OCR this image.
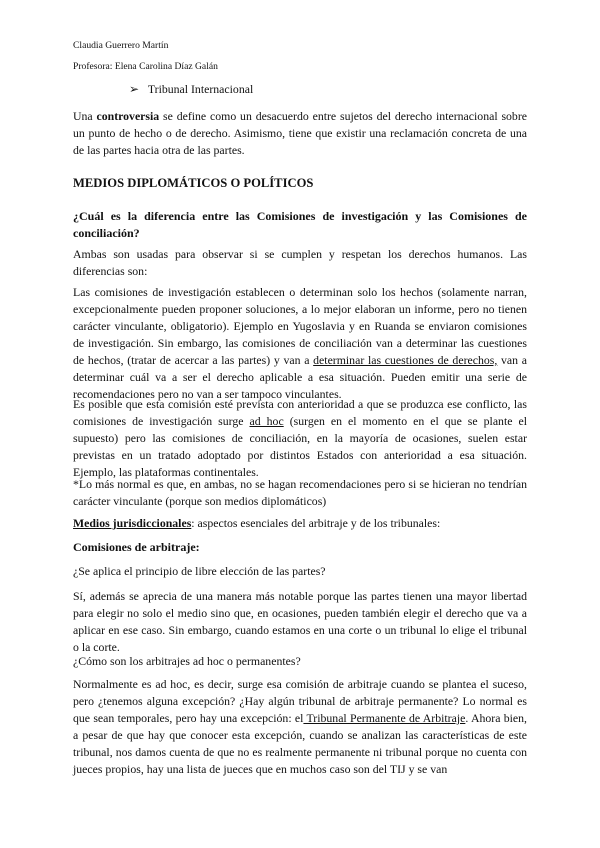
Claudia Guerrero Martín
Profesora: Elena Carolina Díaz Galán
➢ Tribunal Internacional
Una controversia se define como un desacuerdo entre sujetos del derecho internacional sobre un punto de hecho o de derecho. Asimismo, tiene que existir una reclamación concreta de una de las partes hacia otra de las partes.
MEDIOS DIPLOMÁTICOS O POLÍTICOS
¿Cuál es la diferencia entre las Comisiones de investigación y las Comisiones de conciliación?
Ambas son usadas para observar si se cumplen y respetan los derechos humanos. Las diferencias son:
Las comisiones de investigación establecen o determinan solo los hechos (solamente narran, excepcionalmente pueden proponer soluciones, a lo mejor elaboran un informe, pero no tienen carácter vinculante, obligatorio). Ejemplo en Yugoslavia y en Ruanda se enviaron comisiones de investigación. Sin embargo, las comisiones de conciliación van a determinar las cuestiones de hechos, (tratar de acercar a las partes) y van a determinar las cuestiones de derechos, van a determinar cuál va a ser el derecho aplicable a esa situación. Pueden emitir una serie de recomendaciones pero no van a ser tampoco vinculantes.
Es posible que esta comisión esté prevista con anterioridad a que se produzca ese conflicto, las comisiones de investigación surge ad hoc (surgen en el momento en el que se plante el supuesto) pero las comisiones de conciliación, en la mayoría de ocasiones, suelen estar previstas en un tratado adoptado por distintos Estados con anterioridad a esa situación. Ejemplo, las plataformas continentales.
*Lo más normal es que, en ambas, no se hagan recomendaciones pero si se hicieran no tendrían carácter vinculante (porque son medios diplomáticos)
Medios jurisdiccionales: aspectos esenciales del arbitraje y de los tribunales:
Comisiones de arbitraje:
¿Se aplica el principio de libre elección de las partes?
Sí, además se aprecia de una manera más notable porque las partes tienen una mayor libertad para elegir no solo el medio sino que, en ocasiones, pueden también elegir el derecho que va a aplicar en ese caso. Sin embargo, cuando estamos en una corte o un tribunal lo elige el tribunal o la corte.
¿Cómo son los arbitrajes ad hoc o permanentes?
Normalmente es ad hoc, es decir, surge esa comisión de arbitraje cuando se plantea el suceso, pero ¿tenemos alguna excepción? ¿Hay algún tribunal de arbitraje permanente? Lo normal es que sean temporales, pero hay una excepción: el Tribunal Permanente de Arbitraje. Ahora bien, a pesar de que hay que conocer esta excepción, cuando se analizan las características de este tribunal, nos damos cuenta de que no es realmente permanente ni tribunal porque no cuenta con jueces propios, hay una lista de jueces que en muchos caso son del TIJ y se van
